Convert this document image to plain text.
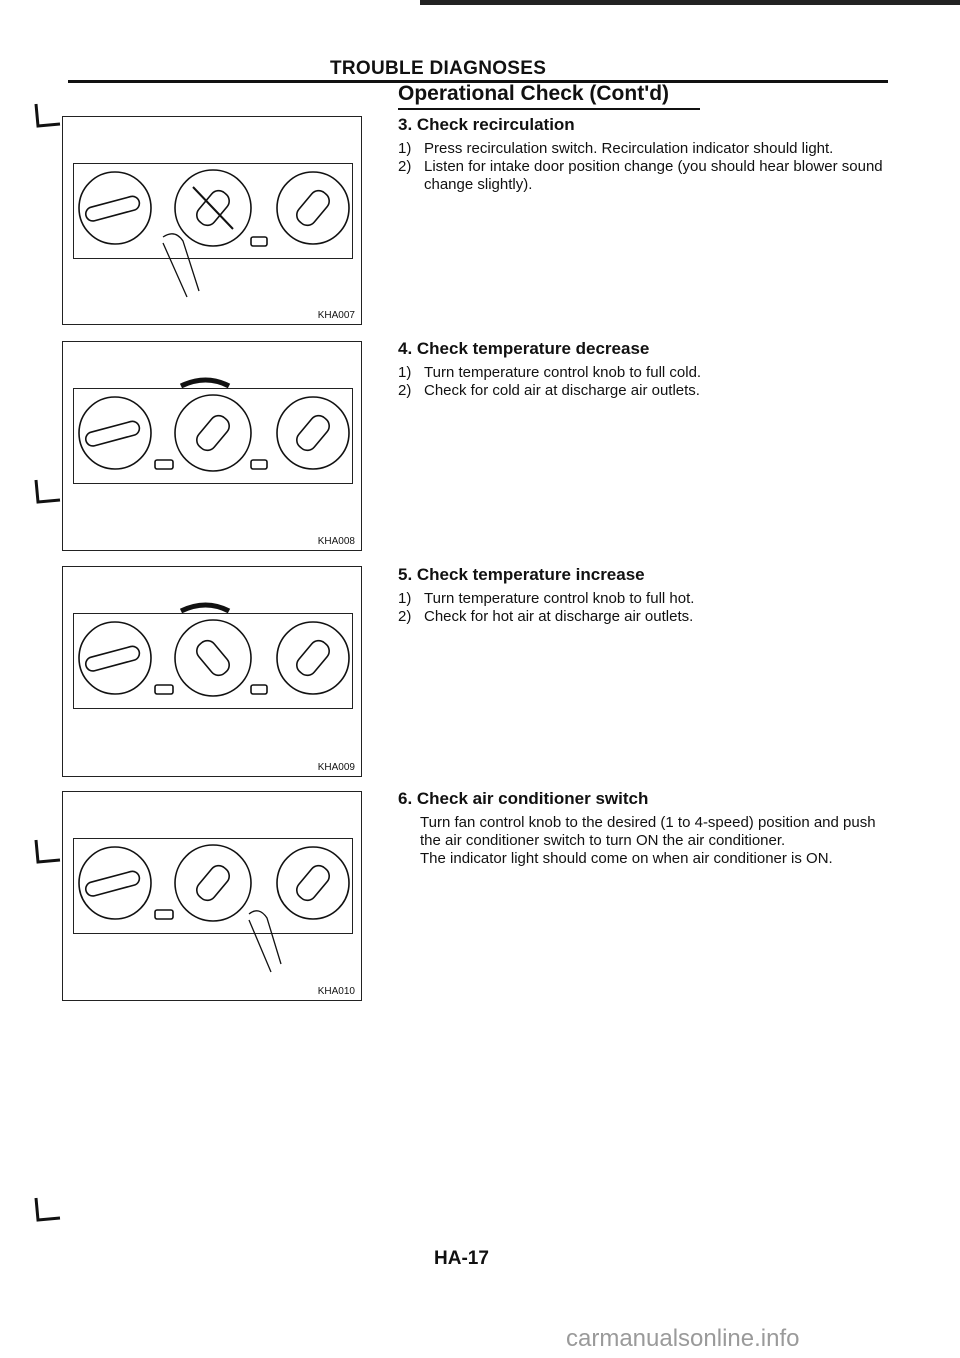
TROUBLE DIAGNOSES
Operational Check (Cont'd)
KHA007
KHA008
KHA009
KHA010
3. Check recirculation
1) Press recirculation switch. Recirculation indicator should light.
2) Listen for intake door position change (you should hear blower sound change slightly).
4. Check temperature decrease
1) Turn temperature control knob to full cold.
2) Check for cold air at discharge air outlets.
5. Check temperature increase
1) Turn temperature control knob to full hot.
2) Check for hot air at discharge air outlets.
6. Check air conditioner switch
Turn fan control knob to the desired (1 to 4-speed) position and push the air conditioner switch to turn ON the air conditioner.
The indicator light should come on when air conditioner is ON.
HA-17
carmanualsonline.info
